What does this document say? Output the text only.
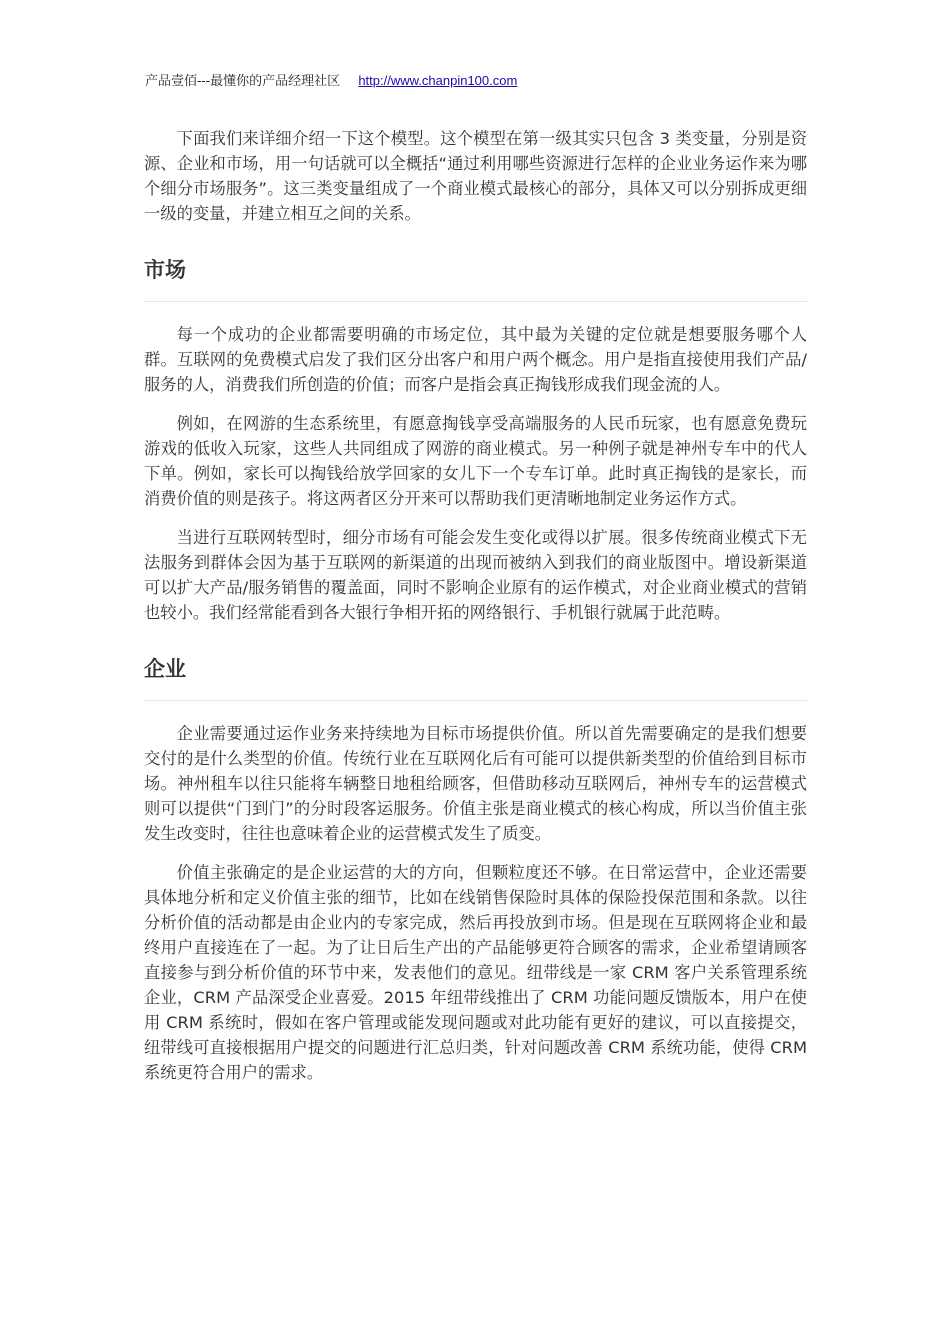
产品壹佰---最懂你的产品经理社区 http://www.chanpin100.com

下面我们来详细介绍一下这个模型。这个模型在第一级其实只包含 3 类变量，分别是资源、企业和市场，用一句话就可以全概括“通过利用哪些资源进行怎样的企业业务运作来为哪个细分市场服务”。这三类变量组成了一个商业模式最核心的部分，具体又可以分别拆成更细一级的变量，并建立相互之间的关系。

市场

每一个成功的企业都需要明确的市场定位，其中最为关键的定位就是想要服务哪个人群。互联网的免费模式启发了我们区分出客户和用户两个概念。用户是指直接使用我们产品/服务的人，消费我们所创造的价值；而客户是指会真正掏钱形成我们现金流的人。

例如，在网游的生态系统里，有愿意掏钱享受高端服务的人民币玩家，也有愿意免费玩游戏的低收入玩家，这些人共同组成了网游的商业模式。另一种例子就是神州专车中的代人下单。例如，家长可以掏钱给放学回家的女儿下一个专车订单。此时真正掏钱的是家长，而消费价值的则是孩子。将这两者区分开来可以帮助我们更清晰地制定业务运作方式。

当进行互联网转型时，细分市场有可能会发生变化或得以扩展。很多传统商业模式下无法服务到群体会因为基于互联网的新渠道的出现而被纳入到我们的商业版图中。增设新渠道可以扩大产品/服务销售的覆盖面，同时不影响企业原有的运作模式，对企业商业模式的营销也较小。我们经常能看到各大银行争相开拓的网络银行、手机银行就属于此范畴。

企业

企业需要通过运作业务来持续地为目标市场提供价值。所以首先需要确定的是我们想要交付的是什么类型的价值。传统行业在互联网化后有可能可以提供新类型的价值给到目标市场。神州租车以往只能将车辆整日地租给顾客，但借助移动互联网后，神州专车的运营模式则可以提供“门到门”的分时段客运服务。价值主张是商业模式的核心构成，所以当价值主张发生改变时，往往也意味着企业的运营模式发生了质变。

价值主张确定的是企业运营的大的方向，但颗粒度还不够。在日常运营中，企业还需要具体地分析和定义价值主张的细节，比如在线销售保险时具体的保险投保范围和条款。以往分析价值的活动都是由企业内的专家完成，然后再投放到市场。但是现在互联网将企业和最终用户直接连在了一起。为了让日后生产出的产品能够更符合顾客的需求，企业希望请顾客直接参与到分析价值的环节中来，发表他们的意见。纽带线是一家 CRM 客户关系管理系统企业，CRM 产品深受企业喜爱。2015 年纽带线推出了 CRM 功能问题反馈版本，用户在使用 CRM 系统时，假如在客户管理或能发现问题或对此功能有更好的建议，可以直接提交，纽带线可直接根据用户提交的问题进行汇总归类，针对问题改善 CRM 系统功能，使得 CRM 系统更符合用户的需求。
